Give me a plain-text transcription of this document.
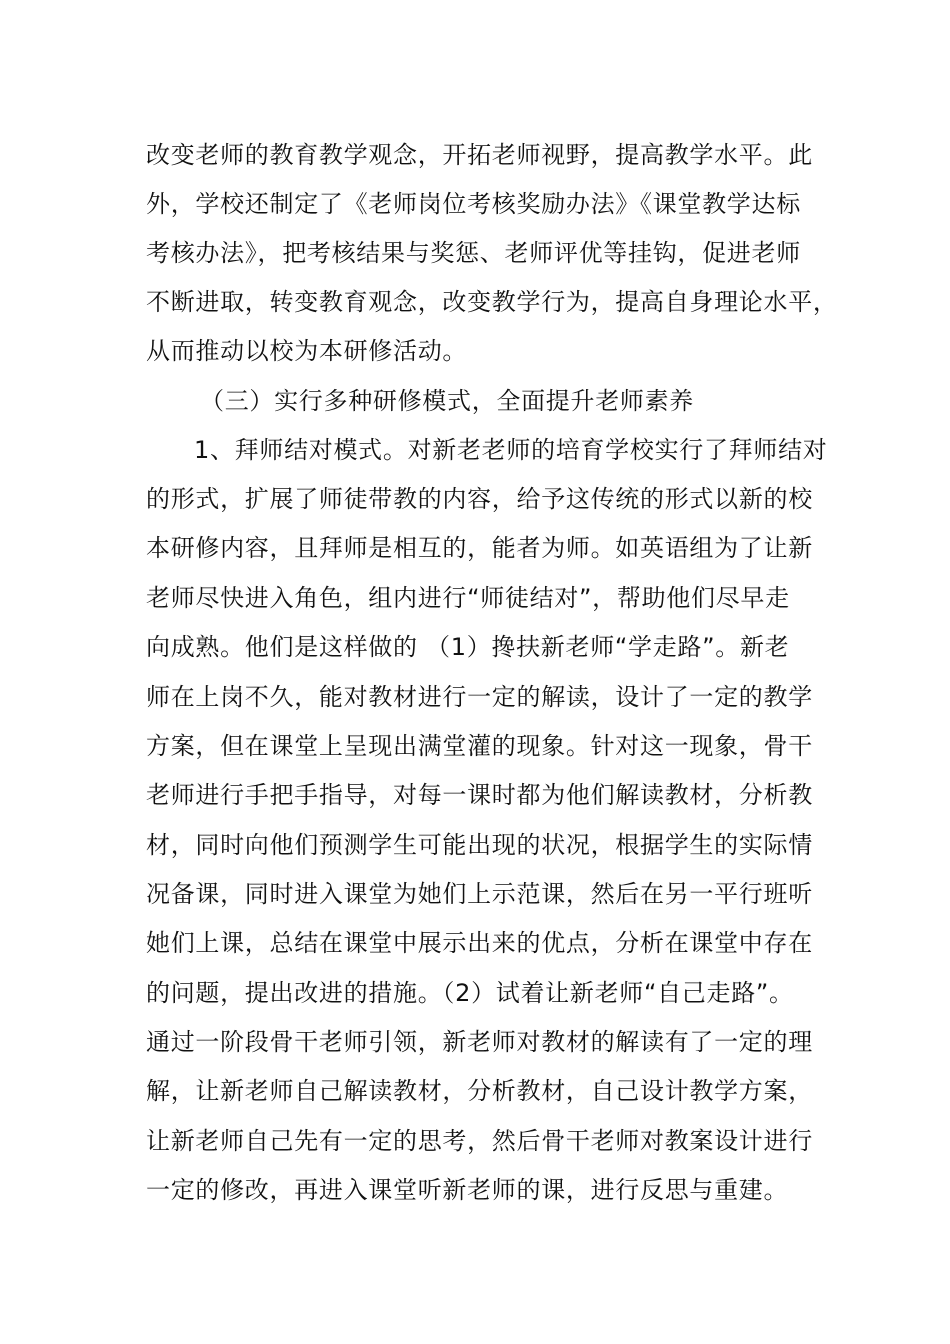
改变老师的教育教学观念，开拓老师视野，提高教学水平。此
外，学校还制定了《老师岗位考核奖励办法》《课堂教学达标
考核办法》，把考核结果与奖惩、老师评优等挂钩，促进老师
不断进取，转变教育观念，改变教学行为，提高自身理论水平，
从而推动以校为本研修活动。
（三）实行多种研修模式，全面提升老师素养
1、拜师结对模式。对新老老师的培育学校实行了拜师结对
的形式，扩展了师徒带教的内容，给予这传统的形式以新的校
本研修内容，且拜师是相互的，能者为师。如英语组为了让新
老师尽快进入角色，组内进行“师徒结对”，帮助他们尽早走
向成熟。他们是这样做的 （1）搀扶新老师“学走路”。新老
师在上岗不久，能对教材进行一定的解读，设计了一定的教学
方案，但在课堂上呈现出满堂灌的现象。针对这一现象，骨干
老师进行手把手指导，对每一课时都为他们解读教材，分析教
材，同时向他们预测学生可能出现的状况，根据学生的实际情
况备课，同时进入课堂为她们上示范课，然后在另一平行班听
她们上课，总结在课堂中展示出来的优点，分析在课堂中存在
的问题，提出改进的措施。（2）试着让新老师“自己走路”。
通过一阶段骨干老师引领，新老师对教材的解读有了一定的理
解，让新老师自己解读教材，分析教材，自己设计教学方案，
让新老师自己先有一定的思考，然后骨干老师对教案设计进行
一定的修改，再进入课堂听新老师的课，进行反思与重建。
